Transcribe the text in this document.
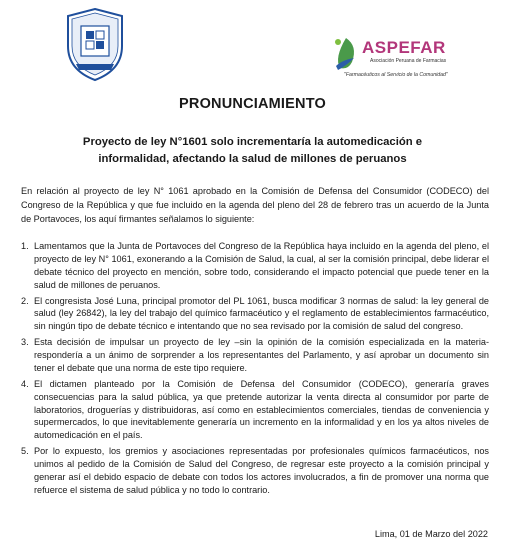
ASPEFAR
Asociación Peruana de Farmacias
"Farmacéuticos al Servicio de la Comunidad"
PRONUNCIAMIENTO
Proyecto de ley N°1601 solo incrementaría la automedicación e
informalidad, afectando la salud de millones de peruanos

En relación al proyecto de ley N° 1061 aprobado en la Comisión de Defensa del Consumidor (CODECO) del Congreso de la República y que fue incluido en la agenda del pleno del 28 de febrero tras un acuerdo de la Junta de Portavoces, los aquí firmantes señalamos lo siguiente:

1. Lamentamos que la Junta de Portavoces del Congreso de la República haya incluido en la agenda del pleno, el proyecto de ley N° 1061, exonerando a la Comisión de Salud, la cual, al ser la comisión principal, debe liderar el debate técnico del proyecto en mención, sobre todo, considerando el impacto potencial que puede tener en la salud de millones de peruanos.
2. El congresista José Luna, principal promotor del PL 1061, busca modificar 3 normas de salud: la ley general de salud (ley 26842), la ley del trabajo del químico farmacéutico y el reglamento de establecimientos farmacéutico, sin ningún tipo de debate técnico e intentando que no sea revisado por la comisión de salud del congreso.
3. Esta decisión de impulsar un proyecto de ley –sin la opinión de la comisión especializada en la materia- respondería a un ánimo de sorprender a los representantes del Parlamento, y así aprobar un documento sin tener el debate que una norma de este tipo requiere.
4. El dictamen planteado por la Comisión de Defensa del Consumidor (CODECO), generaría graves consecuencias para la salud pública, ya que pretende autorizar la venta directa al consumidor por parte de laboratorios, droguerías y distribuidoras, así como en establecimientos comerciales, tiendas de conveniencia y supermercados, lo que inevitablemente generaría un incremento en la informalidad y en los ya altos niveles de automedicación en el país.
5. Por lo expuesto, los gremios y asociaciones representadas por profesionales químicos farmacéuticos, nos unimos al pedido de la Comisión de Salud del Congreso, de regresar este proyecto a la comisión principal y generar así el debido espacio de debate con todos los actores involucrados, a fin de promover una norma que refuerce el sistema de salud pública y no todo lo contrario.
Lima, 01 de Marzo del 2022
